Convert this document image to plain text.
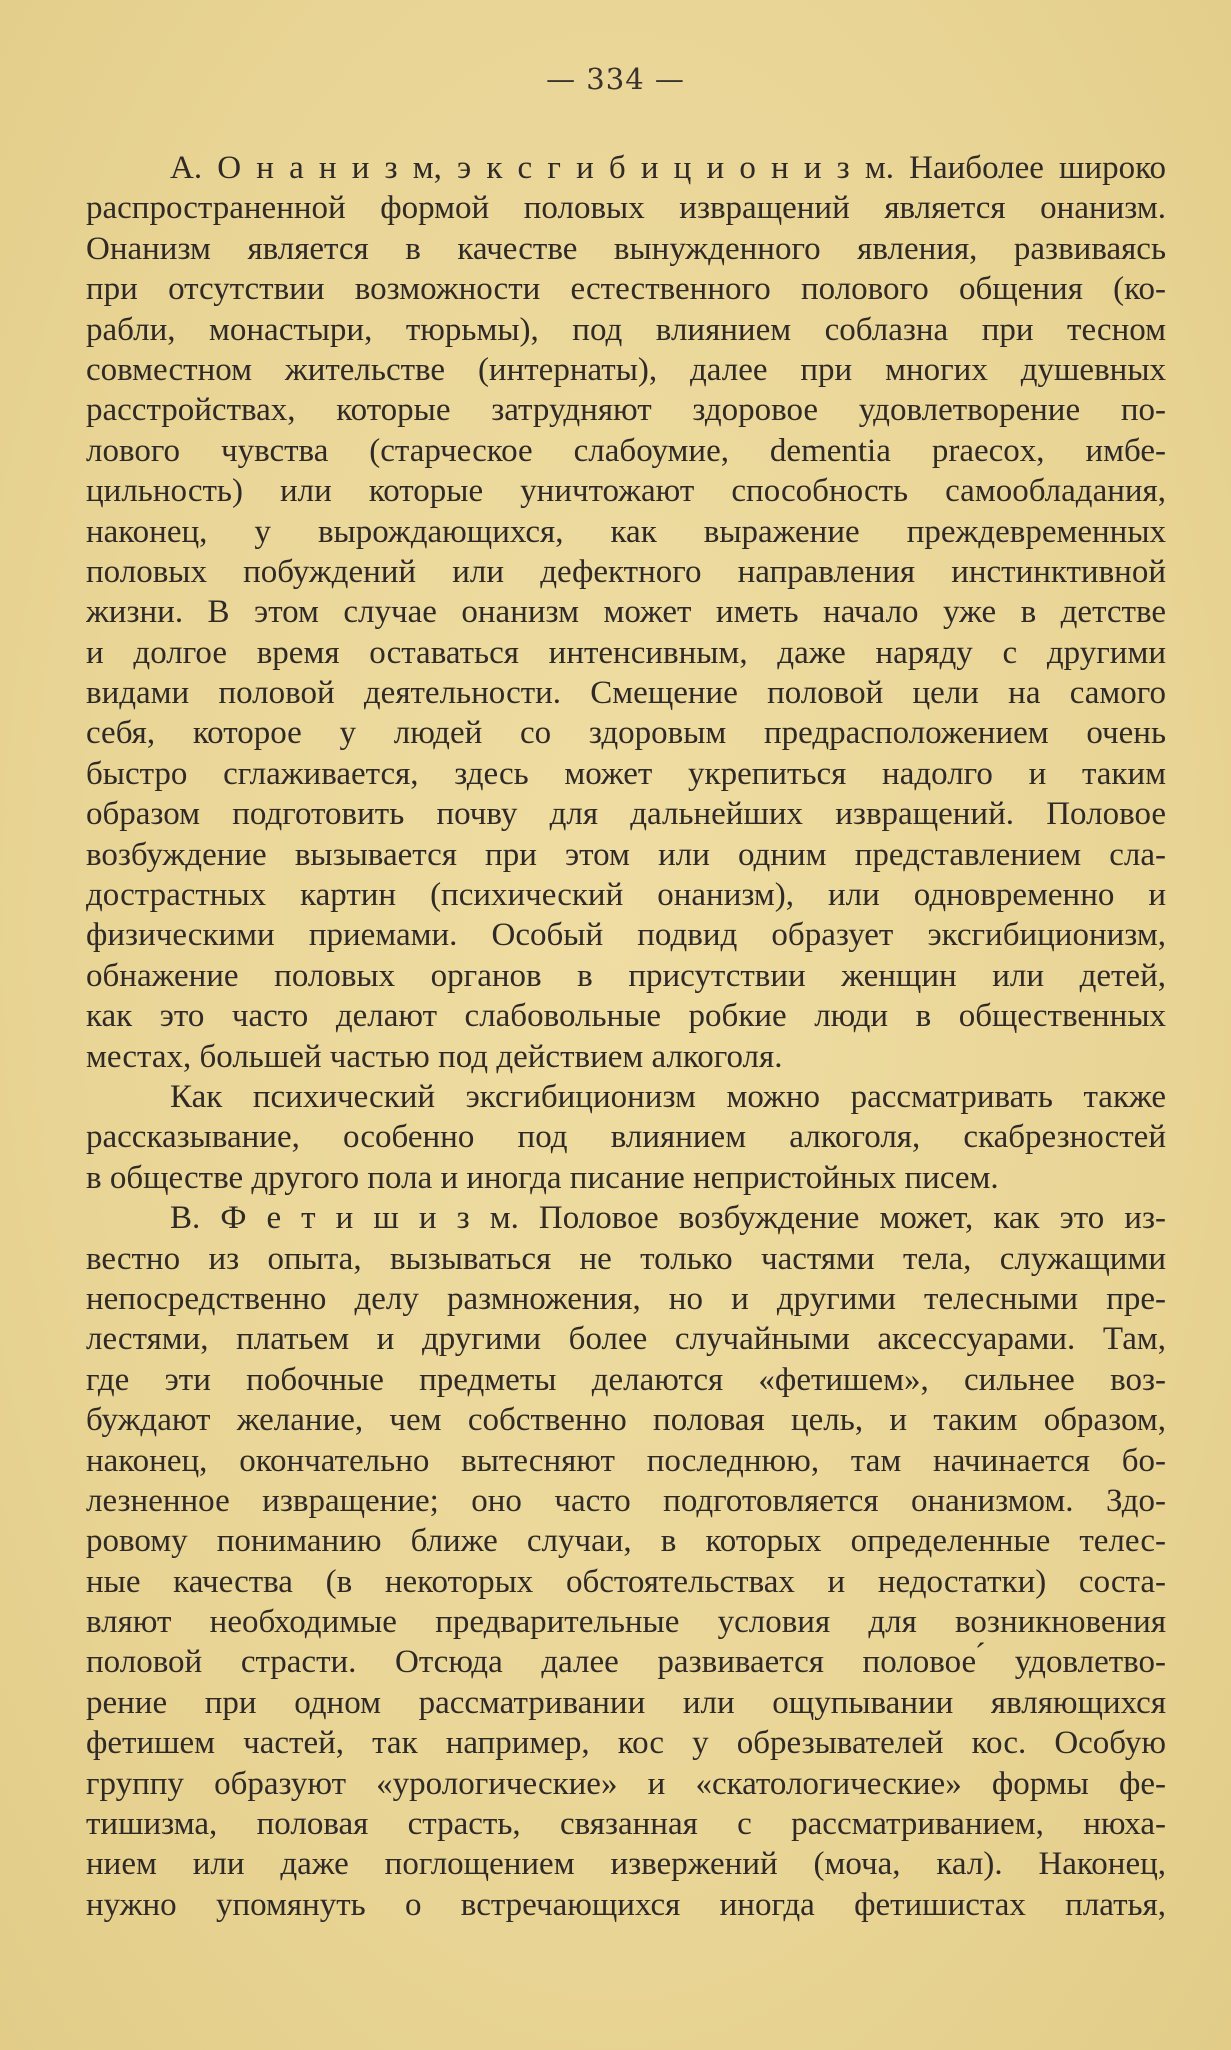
— 334 —
А. О н а н и з м, э к с г и б и ц и о н и з м. Наиболее широко
распространенной формой половых извращений является онанизм.
Онанизм является в качестве вынужденного явления, развиваясь
при отсутствии возможности естественного полового общения (ко-
рабли, монастыри, тюрьмы), под влиянием соблазна при тесном
совместном жительстве (интернаты), далее при многих душевных
расстройствах, которые затрудняют здоровое удовлетворение по-
лового чувства (старческое слабоумие, dementia praecox, имбе-
цильность) или которые уничтожают способность самообладания,
наконец, у вырождающихся, как выражение преждевременных
половых побуждений или дефектного направления инстинктивной
жизни. В этом случае онанизм может иметь начало уже в детстве
и долгое время оставаться интенсивным, даже наряду с другими
видами половой деятельности. Смещение половой цели на самого
себя, которое у людей со здоровым предрасположением очень
быстро сглаживается, здесь может укрепиться надолго и таким
образом подготовить почву для дальнейших извращений. Половое
возбуждение вызывается при этом или одним представлением сла-
дострастных картин (психический онанизм), или одновременно и
физическими приемами. Особый подвид образует эксгибиционизм,
обнажение половых органов в присутствии женщин или детей,
как это часто делают слабовольные робкие люди в общественных
местах, большей частью под действием алкоголя.
Как психический эксгибиционизм можно рассматривать также
рассказывание, особенно под влиянием алкоголя, скабрезностей
в обществе другого пола и иногда писание непристойных писем.
В. Ф е т и ш и з м. Половое возбуждение может, как это из-
вестно из опыта, вызываться не только частями тела, служащими
непосредственно делу размножения, но и другими телесными пре-
лестями, платьем и другими более случайными аксессуарами. Там,
где эти побочные предметы делаются «фетишем», сильнее воз-
буждают желание, чем собственно половая цель, и таким образом,
наконец, окончательно вытесняют последнюю, там начинается бо-
лезненное извращение; оно часто подготовляется онанизмом. Здо-
ровому пониманию ближе случаи, в которых определенные телес-
ные качества (в некоторых обстоятельствах и недостатки) соста-
вляют необходимые предварительные условия для возникновения
половой страсти. Отсюда далее развивается половое ́удовлетво-
рение при одном рассматривании или ощупывании являющихся
фетишем частей, так например, кос у обрезывателей кос. Особую
группу образуют «урологические» и «скатологические» формы фе-
тишизма, половая страсть, связанная с рассматриванием, нюха-
нием или даже поглощением извержений (моча, кал). Наконец,
нужно упомянуть о встречающихся иногда фетишистах платья,
